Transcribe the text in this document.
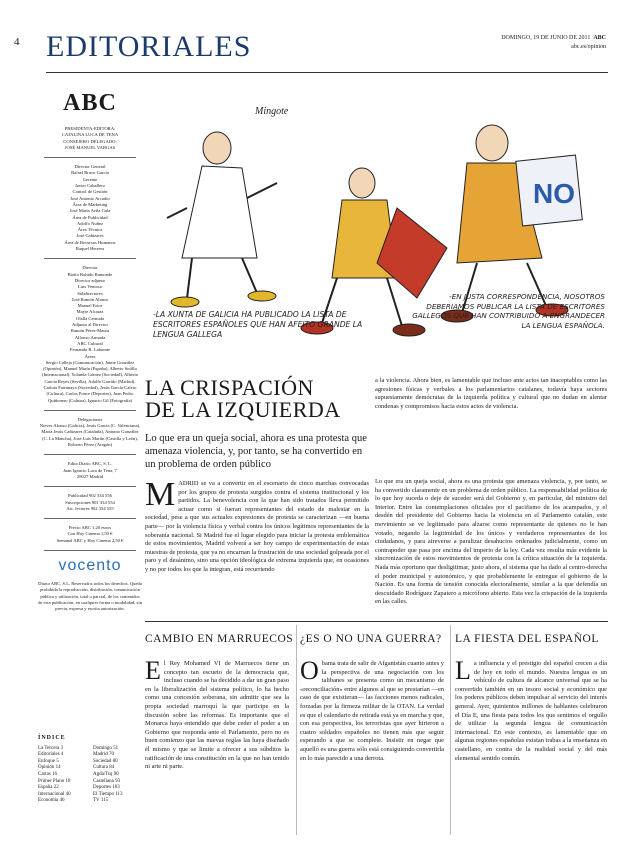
4 EDITORIALES	DOMINGO, 19 DE JUNIO DE 2011 ABC
abc.es/opinion
ABC
PRESIDENTA-EDITORA:
CATALINA LUCA DE TENA
CONSEJERO DELEGADO:
JOSÉ MANUEL VARGAS
Director General
Rafael Bravo García
Gerente
Javier Caballero
Control de Gestión
José Antonio Arcadio
Área de Marketing
José María Avila Gala
Área de Publicidad
Adolfo Nuñez
Área Técnica
José Cañizares
Área de Recursos Humanos
Raquel Herrera
Director
Bieito Rubido Ramonde
Director adjunto
Luis Ventoso
Subdirectores
José Ramón Alonso
Manuel Erice
Mayte Alcaraz
Olalla Cernuda
Adjunto al Director
Ramón Pérez-Maura
Alfonso Armada
ABC Cultural
Fernando R. Lafuente
Áreas
Sergio Calleja (Comunicación), Jaime González (Opinión), Manuel Marín (España), Alberto Sotillo (Internacional), Yolanda Gómez (Sociedad), Alberto García Reyes (Sevilla), Adolfo Garrido (Madrid), Carlota Fominaya (Sociedad), Jesús García Calero (Cultura), Carlos Ponce (Deportes), Juan Pedro Quiñonero (Cultura), Ignacio Gil (Fotografía)
Delegaciones
Nieves Alonso (Galicia), Jesús García (C. Valenciana), María Jesús Cañizares (Cataluña), Antonio González (C. La Mancha), José Luis Martín (Castilla y León), Roberto Pérez (Aragón)
Edita Diario ABC, S. L.
Juan Ignacio Luca de Tena, 7
28027 Madrid
Publicidad 902 334 556
Suscripciones 901 334 554
Atc. lectores 902 334 555
Precio ABC 1,20 euros
Con Hoy Cinema 1,50 €
Semanal ABC y Hoy Cinema 2,50 €
vocento
Diario ABC, S.L. Reservados todos los derechos. Queda prohibida la reproducción, distribución, comunicación pública y utilización, total o parcial, de los contenidos de esta publicación, en cualquier forma o modalidad, sin previa, expresa y escrita autorización.
ÍNDICE
La Tercera 3	Domingo 51
Editoriales 4	Madrid 70
Enfoque 5	Sociedad 80
Opinión 14	Cultura 84
Cartas 16	Agda/Tsq 90
Primer Plano 18	Castellana 93
España 22	Deportes 103
Internacional 40	El Tiempo 113
Economía 46	TV 115
Mingote
NO
-LA XUNTA DE GALICIA HA PUBLICADO LA LISTA DE ESCRITORES ESPAÑOLES QUE HAN AFEITO GRANDE LA LENGUA GALLEGA
-EN JUSTA CORRESPONDENCIA, NOSOTROS DEBERIAMOS PUBLICAR LA LISTA DE ESCRITORES GALLEGOS QUE HAN CONTRIBUIDO A ENGRANDECER LA LENGUA ESPAÑOLA.
LA CRISPACIÓN
DE LA IZQUIERDA
Lo que era un queja social, ahora es una protesta que amenaza violencia, y, por tanto, se ha convertido en un problema de orden público
M ADRID se va a convertir en el escenario de cinco marchas convocadas por los grupos de protesta surgidos contra el sistema institucional y los partidos. La benevolencia con la que han sido tratados lleva permitido actuar como si fueran representantes del estado de malestar en la sociedad, pese a que sus actuales expresiones de protesta se caracterizan —en buena parte— por la violencia física y verbal contra los únicos legítimos representantes de la soberanía nacional. Si Madrid fue el lugar elegido para iniciar la protesta emblemática de estos movimientos, Madrid volverá a ser hoy campo de experimentación de estas muestras de protesta, que ya no encarnan la frustración de una sociedad golpeada por el paro y el desánimo, sino una opción ideológica de extrema izquierda que, en ocasiones y no por todos los que la integran, está recurriendo
a la violencia. Ahora bien, es lamentable que incluso ante actos tan inaceptables como las agresiones físicas y verbales a los parlamentarios catalanes, todavía haya sectores supuestamente demócratas de la izquierda política y cultural que no dudan en alentar condenas y compromisos hacia estos actos de violencia.
Lo que era un queja social, ahora es una protesta que amenaza violencia, y, por tanto, se ha convertido claramente en un problema de orden público. La responsabilidad política de lo que hoy suceda o deje de suceder será del Gobierno y, en particular, del ministro del Interior. Entre las contemplaciones oficiales por el pacifismo de los acampados, y el desdén del presidente del Gobierno hacia la violencia en el Parlamento catalán, este movimiento se ve legitimado para alzarse como representante de quienes no le han votado, negando la legitimidad de los únicos y verdaderos representantes de los ciudadanos, y para atreverse a paralizar desahucios ordenados judicialmente, como un contrapoder que pasa por encima del imperio de la ley. Cada vez resulta más evidente la sincronización de estos movimientos de protesta con la crítica situación de la izquierda. Nada más oportuno que desligitimar, justo ahora, el sistema que ha dado al centro-derecha el poder municipal y autonómico, y que probablemente le entregue el gobierno de la Nación. Es una forma de tensión conocida electoralmente, similar a la que defendía un descuidado Rodríguez Zapatero a micrófono abierto. Esta vez la crispación de la izquierda en las calles.
CAMBIO EN MARRUECOS
E l Rey Mohamed VI de Marruecos tiene un concepto tan escueto de la democracia que, incluso cuando se ha decidido a dar un gran paso en la liberalización del sistema político, lo ha hecho como una concesión soberana, sin admitir que sea la propia sociedad marroquí la que participe en la discusión sobre las reformas. Es importante que el Monarca haya entendido que debe ceder el poder a un Gobierno que responda ante el Parlamento, pero no es buen comienzo que las nuevas reglas las haya diseñado él mismo y que se limite a ofrecer a sus súbditos la ratificación de una constitución en la que no han tenido ni arte ni parte.
¿ES O NO UNA GUERRA?
O bama trata de salir de Afganistán cuanto antes y la perspectiva de una negociación con los talibanes se presenta como un mecanismo de «reconciliación» entre algunos al que se prestarían —en caso de que existieran— las facciones menos radicales, forzadas por la firmeza militar de la OTAN. La verdad es que el calendario de retirada está ya en marcha y que, con esa perspectiva, los terroristas que ayer hirieron a cuatro soldados españoles no tienen más que seguir esperando a que se complete. Insistir en negar que aquello es una guerra sólo está consiguiendo convertirla en lo más parecido a una derrota.
LA FIESTA DEL ESPAÑOL
L a influencia y el prestigio del español crecen a día de hoy en todo el mundo. Nuestra lengua es un vehículo de cultura de alcance universal que se ha convertido también en un tesoro social y económico que los poderes públicos deben impulsar al servicio del interés general. Ayer, quinientos millones de hablantes celebraron el Día E, una fiesta para todos los que sentimos el orgullo de utilizar la segunda lengua de comunicación internacional. En este contexto, es lamentable que en algunas regiones españolas existan trabas a la enseñanza en castellano, en contra de la realidad social y del más elemental sentido común.
